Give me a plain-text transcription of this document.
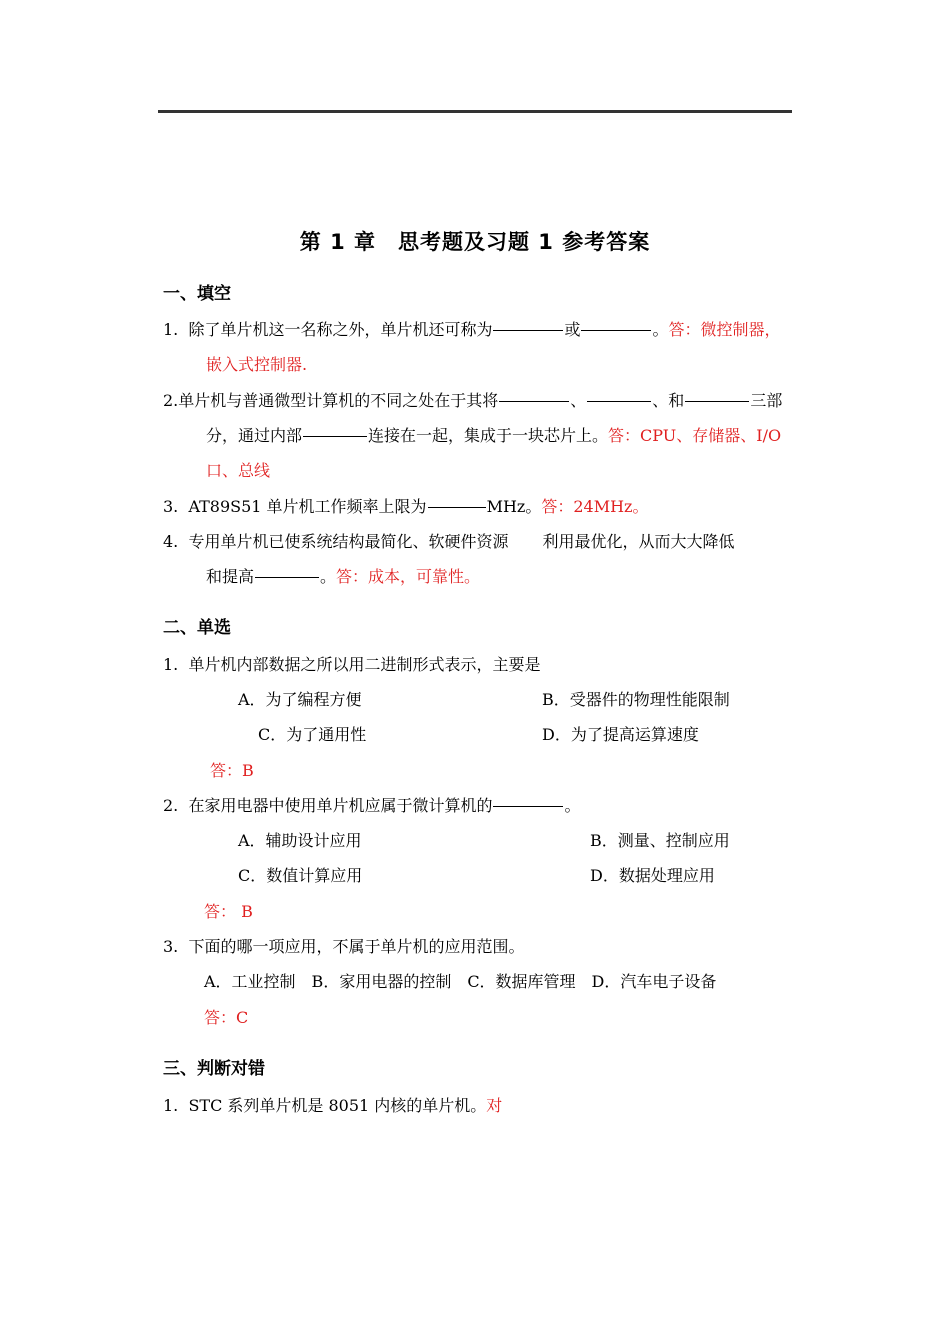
第 1 章　思考题及习题 1 参考答案
一、填空
1. 除了单片机这一名称之外，单片机还可称为	或	。答：微控制器，
嵌入式控制器.
2.单片机与普通微型计算机的不同之处在于其将	、	、和	三部
分，通过内部	连接在一起，集成于一块芯片上。答：CPU、存储器、I/O
口、总线
3. AT89S51 单片机工作频率上限为	MHz。答：24MHz。
4. 专用单片机已使系统结构最简化、软硬件资源 利用最优化，从而大大降低
和提高	。答：成本，可靠性。
二、单选
1. 单片机内部数据之所以用二进制形式表示，主要是
A．为了编程方便	B．受器件的物理性能限制
C．为了通用性	D．为了提高运算速度
答：B
2. 在家用电器中使用单片机应属于微计算机的	。
A．辅助设计应用	B．测量、控制应用
C．数值计算应用	D．数据处理应用
答： B
3. 下面的哪一项应用，不属于单片机的应用范围。
A．工业控制　B．家用电器的控制　C．数据库管理　D．汽车电子设备
答：C
三、判断对错
1. STC 系列单片机是 8051 内核的单片机。对
